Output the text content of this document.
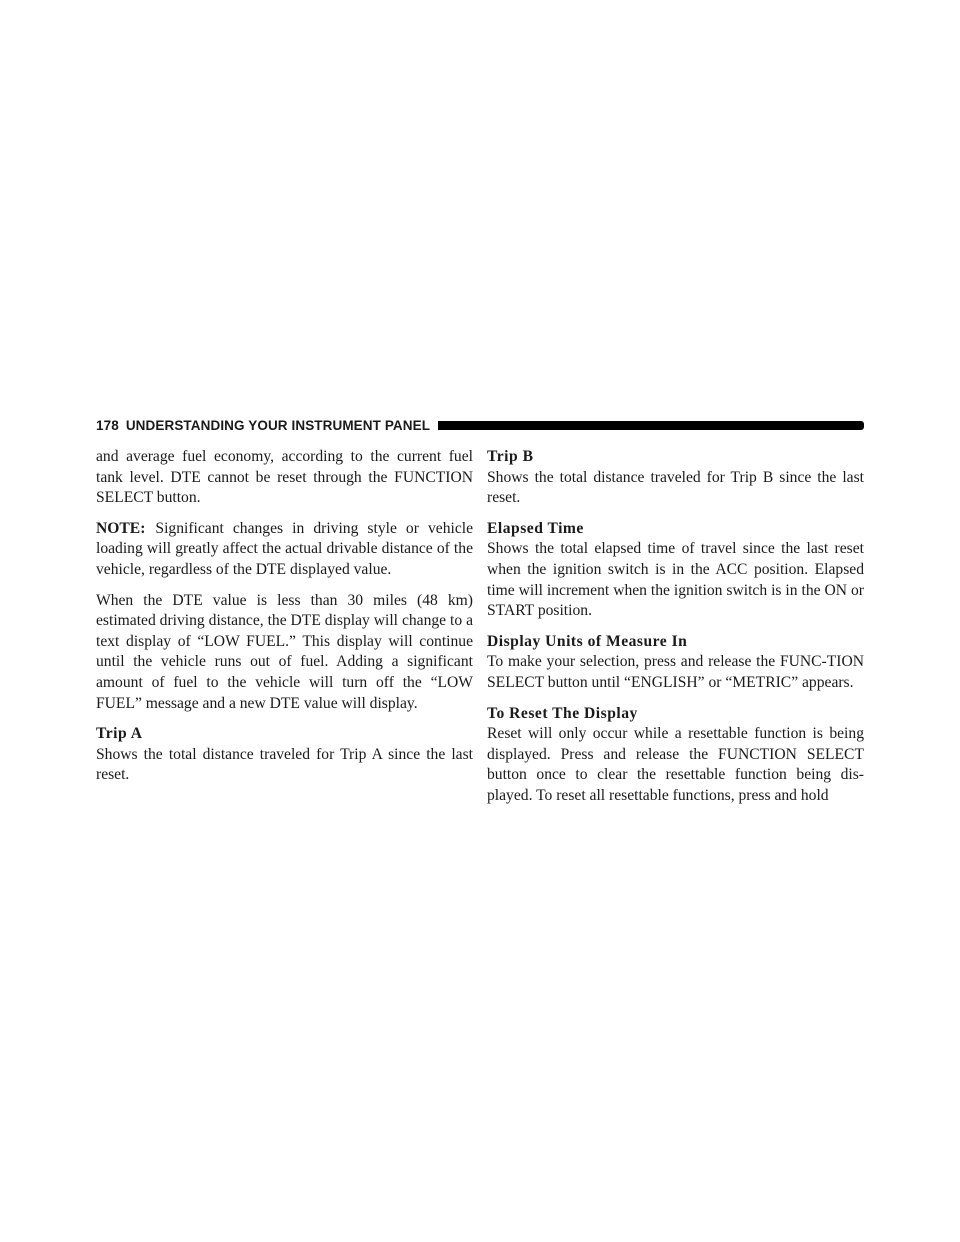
178 UNDERSTANDING YOUR INSTRUMENT PANEL

and average fuel economy, according to the current fuel tank level. DTE cannot be reset through the FUNCTION SELECT button.

NOTE: Significant changes in driving style or vehicle loading will greatly affect the actual drivable distance of the vehicle, regardless of the DTE displayed value.

When the DTE value is less than 30 miles (48 km) estimated driving distance, the DTE display will change to a text display of “LOW FUEL.” This display will continue until the vehicle runs out of fuel. Adding a significant amount of fuel to the vehicle will turn off the “LOW FUEL” message and a new DTE value will display.

Trip A

Shows the total distance traveled for Trip A since the last reset.

Trip B

Shows the total distance traveled for Trip B since the last reset.

Elapsed Time

Shows the total elapsed time of travel since the last reset when the ignition switch is in the ACC position. Elapsed time will increment when the ignition switch is in the ON or START position.

Display Units of Measure In

To make your selection, press and release the FUNC-TION SELECT button until “ENGLISH” or “METRIC” appears.

To Reset The Display

Reset will only occur while a resettable function is being displayed. Press and release the FUNCTION SELECT button once to clear the resettable function being dis-played. To reset all resettable functions, press and hold
